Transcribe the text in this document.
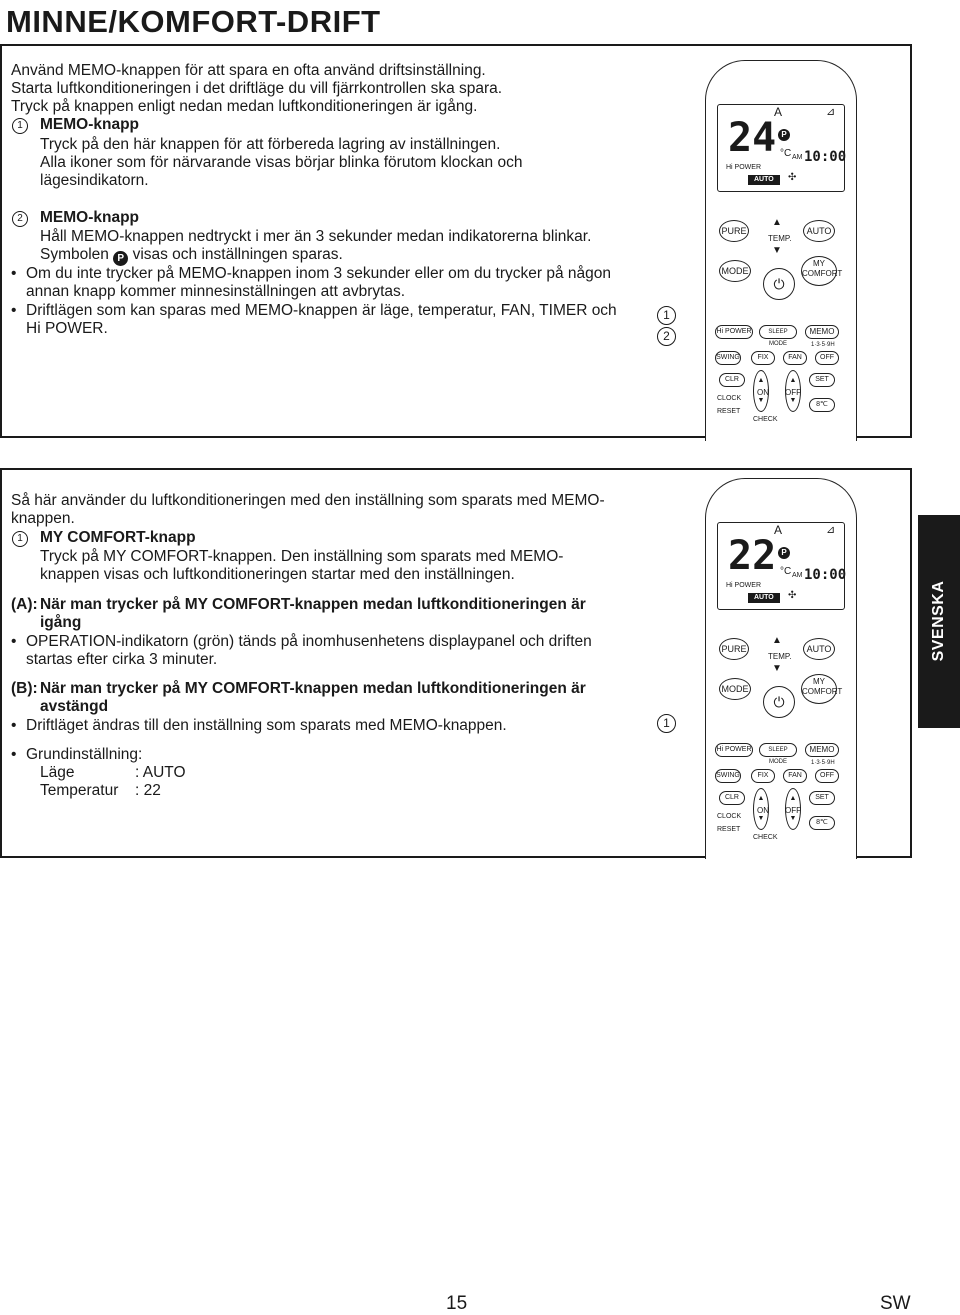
MINNE/KOMFORT-DRIFT
Använd MEMO-knappen för att spara en ofta använd driftsinställning.
Starta luftkonditioneringen i det driftläge du vill fjärrkontrollen ska spara.
Tryck på knappen enligt nedan medan luftkonditioneringen är igång.
1	MEMO-knapp
Tryck på den här knappen för att förbereda lagring av inställningen.
Alla ikoner som för närvarande visas börjar blinka förutom klockan och
lägesindikatorn.
2	MEMO-knapp
Håll MEMO-knappen nedtryckt i mer än 3 sekunder medan indikatorerna blinkar.
Symbolen P visas och inställningen sparas.
• Om du inte trycker på MEMO-knappen inom 3 sekunder eller om du trycker på någon
annan knapp kommer minnesinställningen att avbrytas.
• Driftlägen som kan sparas med MEMO-knappen är läge, temperatur, FAN, TIMER och
Hi POWER.
1
2
A	⊿
24 P
°C AM 10:00
Hi POWER
AUTO	✣
PURE
▲
TEMP.
▼
AUTO
MODE
⏻
MY
COMFORT
Hi POWER	SLEEP MODE
MEMO
1·3·5·9H
SWING	FIX	FAN	OFF
CLR	▲
▼
▲
▼
ON OFF
SET
CLOCK
8℃
RESET
CHECK
Så här använder du luftkonditioneringen med den inställning som sparats med MEMO-
knappen.
1	MY COMFORT-knapp
Tryck på MY COMFORT-knappen. Den inställning som sparats med MEMO-
knappen visas och luftkonditioneringen startar med den inställningen.
(A): När man trycker på MY COMFORT-knappen medan luftkonditioneringen är
igång
• OPERATION-indikatorn (grön) tänds på inomhusenhetens displaypanel och driften
startas efter cirka 3 minuter.
(B): När man trycker på MY COMFORT-knappen medan luftkonditioneringen är
avstängd
• Driftläget ändras till den inställning som sparats med MEMO-knappen.
• Grundinställning:
Läge	: AUTO
Temperatur : 22
1
A	⊿
22 P
°C AM 10:00
Hi POWER
AUTO	✣
PURE
▲
TEMP.
▼
AUTO
MODE
⏻
MY
COMFORT
Hi POWER	SLEEP MODE
MEMO
1·3·5·9H
SWING	FIX	FAN	OFF
CLR	▲
▼
▲
▼
ON OFF
SET
CLOCK
8℃
RESET
CHECK
SVENSKA
15	SW
